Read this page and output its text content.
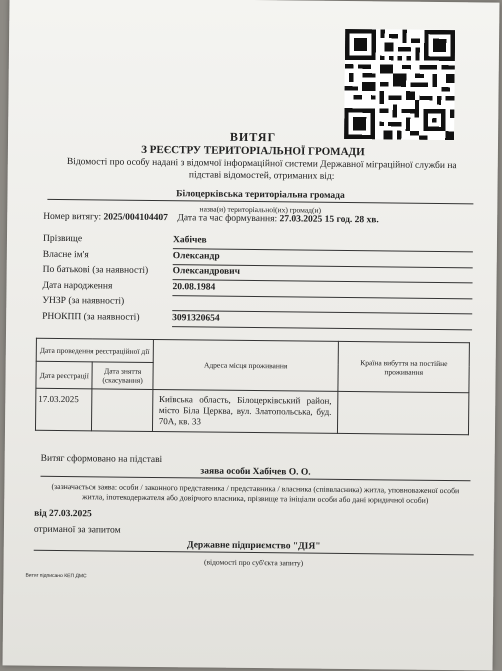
ВИТЯГ
З РЕЄСТРУ ТЕРИТОРІАЛЬНОЇ ГРОМАДИ
Відомості про особу надані з відомчої інформаційної системи Державної міграційної служби на підставі відомостей, отриманих від:
Білоцерківська територіальна громада
назва(и) територіальної(их) громад(и)
Номер витягу: 2025/004104407 Дата та час формування: 27.03.2025 15 год. 28 хв.
Прізвище	Хабічев
Власне ім'я	Олександр
По батькові (за наявності)	Олександрович
Дата народження	20.08.1984
УНЗР (за наявності)
РНОКПП (за наявності)	3091320654
Дата проведення реєстраційної дії		Адреса місця проживання	Країна вибуття на постійне проживання
Дата реєстрації	Дата зняття (скасування)		
17.03.2025		Київська область, Білоцерківський район, місто Біла Церква, вул. Златопольська, буд. 70А, кв. 33	
Витяг сформовано на підставі
заява особи Хабічев О. О.
(зазначається заява: особи / законного представника / представника / власника (співвласника) житла, уповноваженої особи житла, іпотекодержателя або довірчого власника, прізвище та ініціали особи або дані юридичної особи)
від 27.03.2025
отриманої за запитом
Державне підприємство "ДІЯ"
(відомості про суб'єкта запиту)
Витяг підписано КЕП ДМС
